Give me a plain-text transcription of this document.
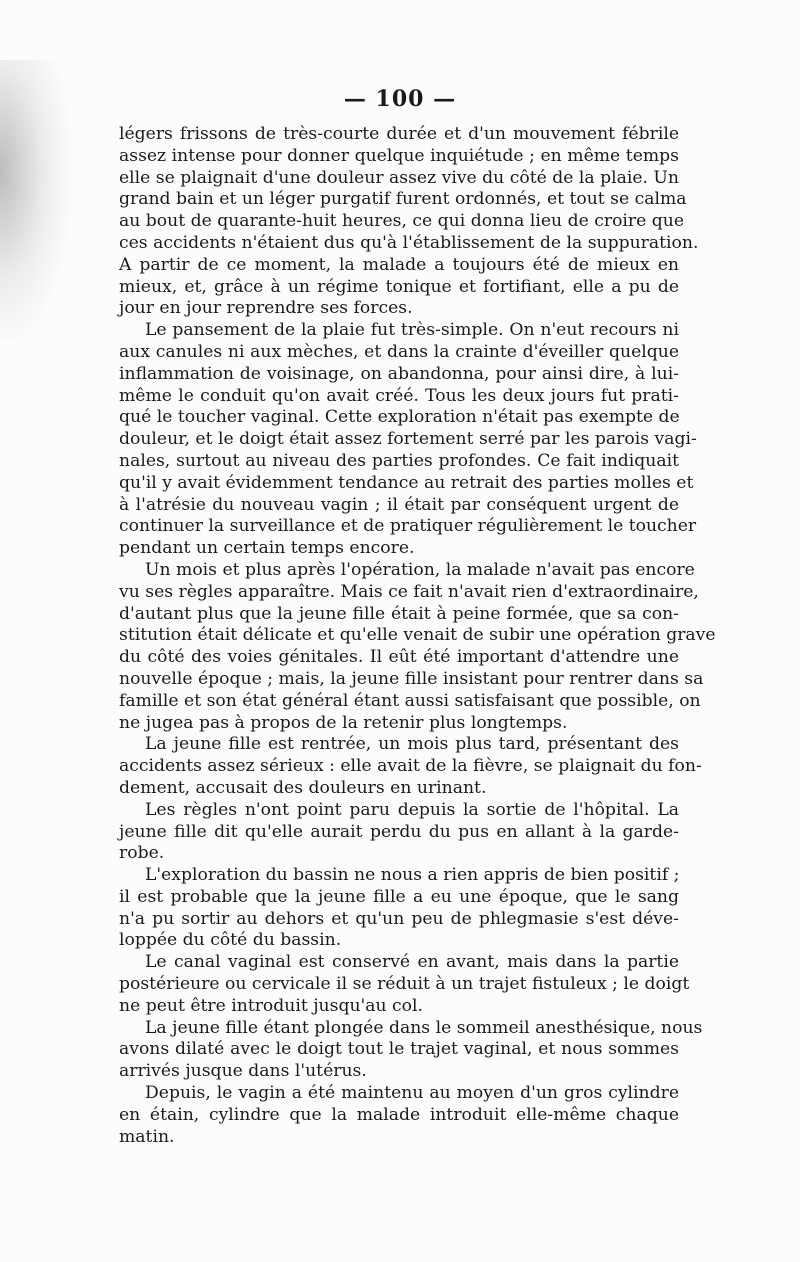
— 100 —

légers frissons de très-courte durée et d'un mouvement fébrile
assez intense pour donner quelque inquiétude ; en même temps
elle se plaignait d'une douleur assez vive du côté de la plaie. Un
grand bain et un léger purgatif furent ordonnés, et tout se calma
au bout de quarante-huit heures, ce qui donna lieu de croire que
ces accidents n'étaient dus qu'à l'établissement de la suppuration.
A partir de ce moment, la malade a toujours été de mieux en
mieux, et, grâce à un régime tonique et fortifiant, elle a pu de
jour en jour reprendre ses forces.

Le pansement de la plaie fut très-simple. On n'eut recours ni
aux canules ni aux mèches, et dans la crainte d'éveiller quelque
inflammation de voisinage, on abandonna, pour ainsi dire, à lui-
même le conduit qu'on avait créé. Tous les deux jours fut prati-
qué le toucher vaginal. Cette exploration n'était pas exempte de
douleur, et le doigt était assez fortement serré par les parois vagi-
nales, surtout au niveau des parties profondes. Ce fait indiquait
qu'il y avait évidemment tendance au retrait des parties molles et
à l'atrésie du nouveau vagin ; il était par conséquent urgent de
continuer la surveillance et de pratiquer régulièrement le toucher
pendant un certain temps encore.

Un mois et plus après l'opération, la malade n'avait pas encore
vu ses règles apparaître. Mais ce fait n'avait rien d'extraordinaire,
d'autant plus que la jeune fille était à peine formée, que sa con-
stitution était délicate et qu'elle venait de subir une opération grave
du côté des voies génitales. Il eût été important d'attendre une
nouvelle époque ; mais, la jeune fille insistant pour rentrer dans sa
famille et son état général étant aussi satisfaisant que possible, on
ne jugea pas à propos de la retenir plus longtemps.

La jeune fille est rentrée, un mois plus tard, présentant des
accidents assez sérieux : elle avait de la fièvre, se plaignait du fon-
dement, accusait des douleurs en urinant.

Les règles n'ont point paru depuis la sortie de l'hôpital. La
jeune fille dit qu'elle aurait perdu du pus en allant à la garde-
robe.

L'exploration du bassin ne nous a rien appris de bien positif ;
il est probable que la jeune fille a eu une époque, que le sang
n'a pu sortir au dehors et qu'un peu de phlegmasie s'est déve-
loppée du côté du bassin.

Le canal vaginal est conservé en avant, mais dans la partie
postérieure ou cervicale il se réduit à un trajet fistuleux ; le doigt
ne peut être introduit jusqu'au col.

La jeune fille étant plongée dans le sommeil anesthésique, nous
avons dilaté avec le doigt tout le trajet vaginal, et nous sommes
arrivés jusque dans l'utérus.

Depuis, le vagin a été maintenu au moyen d'un gros cylindre
en étain, cylindre que la malade introduit elle-même chaque
matin.
